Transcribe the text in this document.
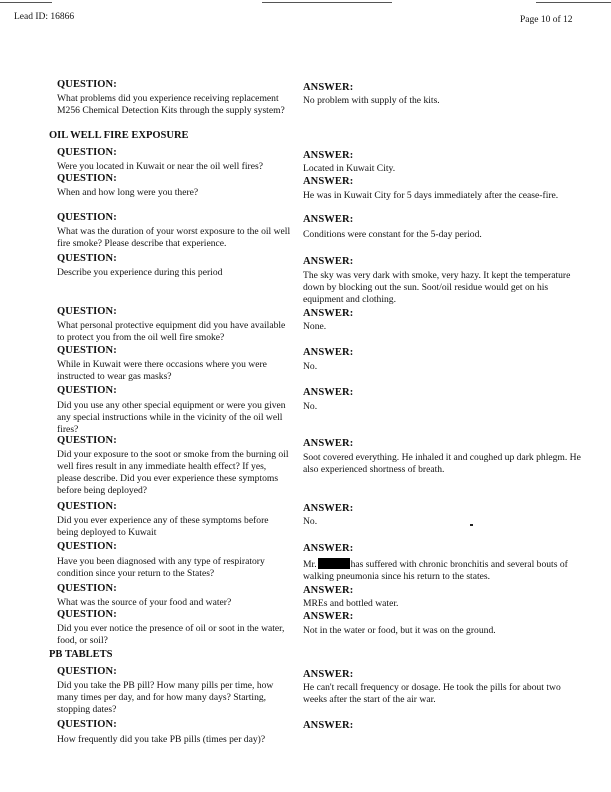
Lead ID: 16866	Page 10 of 12
QUESTION:
What problems did you experience receiving replacement M256 Chemical Detection Kits through the supply system?
ANSWER:
No problem with supply of the kits.
OIL WELL FIRE EXPOSURE
QUESTION:
Were you located in Kuwait or near the oil well fires?
ANSWER:
Located in Kuwait City.
QUESTION:
When and how long were you there?
ANSWER:
He was in Kuwait City for 5 days immediately after the cease-fire.
QUESTION:
What was the duration of your worst exposure to the oil well fire smoke? Please describe that experience.
ANSWER:
Conditions were constant for the 5-day period.
QUESTION:
Describe you experience during this period
ANSWER:
The sky was very dark with smoke, very hazy. It kept the temperature down by blocking out the sun. Soot/oil residue would get on his equipment and clothing.
QUESTION:
What personal protective equipment did you have available to protect you from the oil well fire smoke?
ANSWER:
None.
QUESTION:
While in Kuwait were there occasions where you were instructed to wear gas masks?
ANSWER:
No.
QUESTION:
Did you use any other special equipment or were you given any special instructions while in the vicinity of the oil well fires?
ANSWER:
No.
QUESTION:
Did your exposure to the soot or smoke from the burning oil well fires result in any immediate health effect? If yes, please describe. Did you ever experience these symptoms before being deployed?
ANSWER:
Soot covered everything. He inhaled it and coughed up dark phlegm. He also experienced shortness of breath.
QUESTION:
Did you ever experience any of these symptoms before being deployed to Kuwait
ANSWER:
No.
QUESTION:
Have you been diagnosed with any type of respiratory condition since your return to the States?
ANSWER:
Mr.	has suffered with chronic bronchitis and several bouts of walking pneumonia since his return to the states.
QUESTION:
What was the source of your food and water?
ANSWER:
MREs and bottled water.
QUESTION:
Did you ever notice the presence of oil or soot in the water, food, or soil?
ANSWER:
Not in the water or food, but it was on the ground.
PB TABLETS
QUESTION:
Did you take the PB pill? How many pills per time, how many times per day, and for how many days? Starting, stopping dates?
ANSWER:
He can't recall frequency or dosage. He took the pills for about two weeks after the start of the air war.
QUESTION:
How frequently did you take PB pills (times per day)?
ANSWER:
